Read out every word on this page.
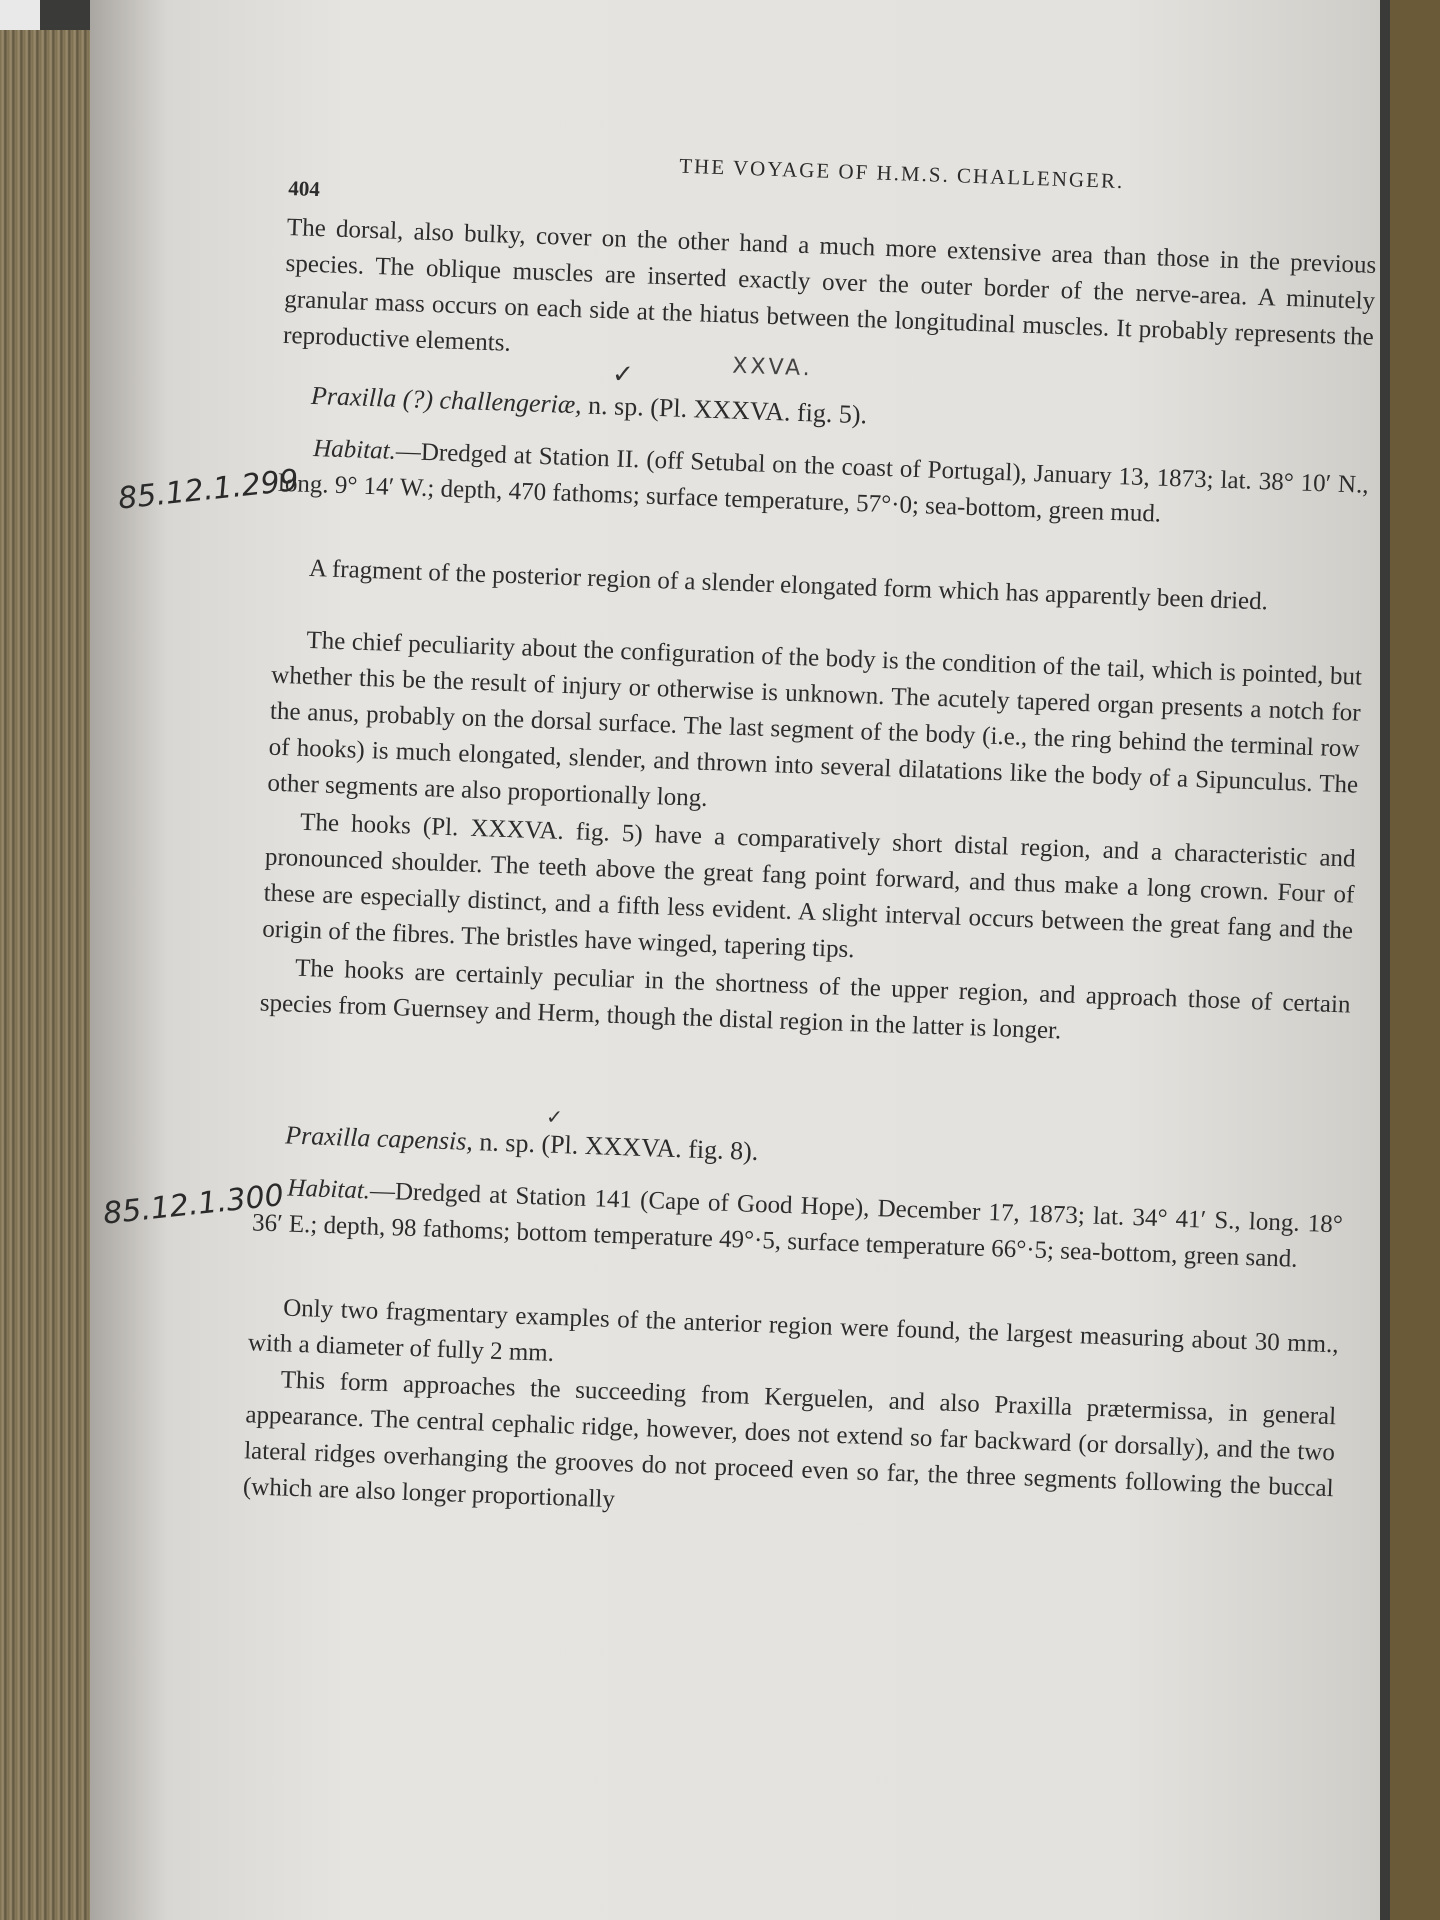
THE VOYAGE OF H.M.S. CHALLENGER.
404

The dorsal, also bulky, cover on the other hand a much more extensive area than those in the previous species. The oblique muscles are inserted exactly over the outer border of the nerve-area. A minutely granular mass occurs on each side at the hiatus between the longitudinal muscles. It probably represents the reproductive elements.

✓	XXVA.
Praxilla (?) challengeriæ, n. sp. (Pl. XXXVA. fig. 5).
85.12.1.299

Habitat.—Dredged at Station II. (off Setubal on the coast of Portugal), January 13, 1873; lat. 38° 10′ N., long. 9° 14′ W.; depth, 470 fathoms; surface temperature, 57°·0; sea-bottom, green mud.

A fragment of the posterior region of a slender elongated form which has apparently been dried.

The chief peculiarity about the configuration of the body is the condition of the tail, which is pointed, but whether this be the result of injury or otherwise is unknown. The acutely tapered organ presents a notch for the anus, probably on the dorsal surface. The last segment of the body (i.e., the ring behind the terminal row of hooks) is much elongated, slender, and thrown into several dilatations like the body of a Sipunculus. The other segments are also proportionally long.

The hooks (Pl. XXXVA. fig. 5) have a comparatively short distal region, and a characteristic and pronounced shoulder. The teeth above the great fang point forward, and thus make a long crown. Four of these are especially distinct, and a fifth less evident. A slight interval occurs between the great fang and the origin of the fibres. The bristles have winged, tapering tips.

The hooks are certainly peculiar in the shortness of the upper region, and approach those of certain species from Guernsey and Herm, though the distal region in the latter is longer.

✓
Praxilla capensis, n. sp. (Pl. XXXVA. fig. 8).
85.12.1.300 Habitat.—Dredged at Station 141 (Cape of Good Hope), December 17, 1873; lat. 34° 41′ S., long. 18° 36′ E.; depth, 98 fathoms; bottom temperature 49°·5, surface temperature 66°·5; sea-bottom, green sand.

Only two fragmentary examples of the anterior region were found, the largest measuring about 30 mm., with a diameter of fully 2 mm.

This form approaches the succeeding from Kerguelen, and also Praxilla prætermissa, in general appearance. The central cephalic ridge, however, does not extend so far backward (or dorsally), and the two lateral ridges overhanging the grooves do not proceed even so far, the three segments following the buccal (which are also longer proportionally
